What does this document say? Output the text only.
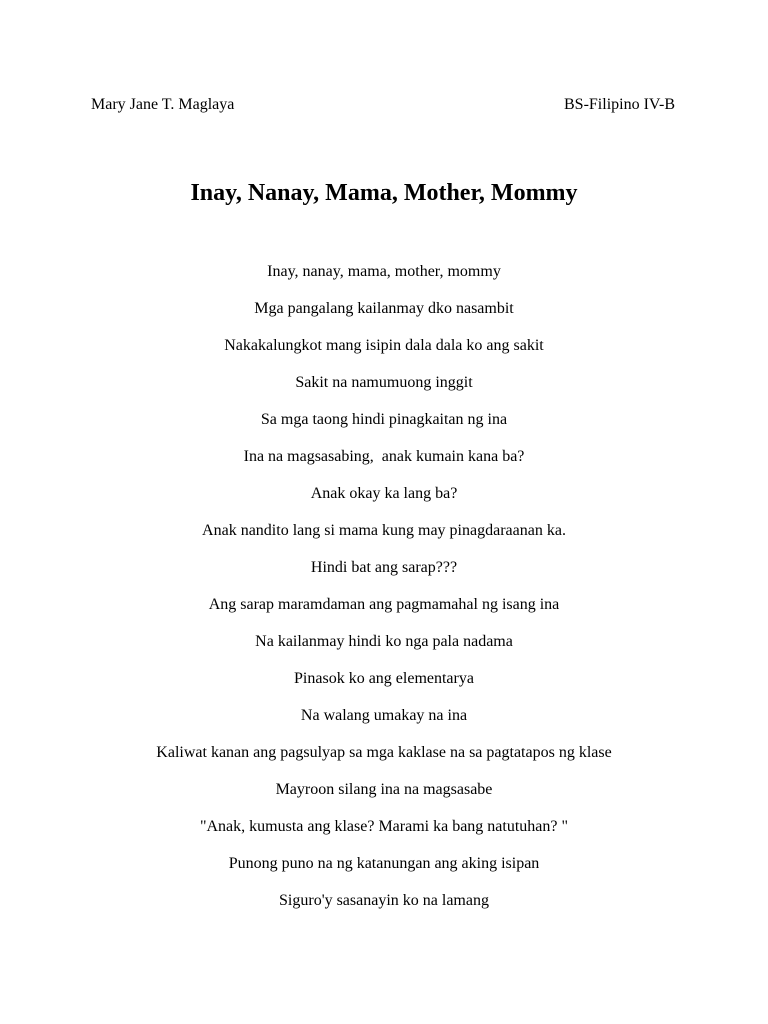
Mary Jane T. Maglaya	BS-Filipino IV-B
Inay, Nanay, Mama, Mother, Mommy
Inay, nanay, mama, mother, mommy
Mga pangalang kailanmay dko nasambit
Nakakalungkot mang isipin dala dala ko ang sakit
Sakit na namumuong inggit
Sa mga taong hindi pinagkaitan ng ina
Ina na magsasabing,  anak kumain kana ba?
Anak okay ka lang ba?
Anak nandito lang si mama kung may pinagdaraanan ka.
Hindi bat ang sarap???
Ang sarap maramdaman ang pagmamahal ng isang ina
Na kailanmay hindi ko nga pala nadama
Pinasok ko ang elementarya
Na walang umakay na ina
Kaliwat kanan ang pagsulyap sa mga kaklase na sa pagtatapos ng klase
Mayroon silang ina na magsasabe
"Anak, kumusta ang klase? Marami ka bang natutuhan? "
Punong puno na ng katanungan ang aking isipan
Siguro'y sasanayin ko na lamang
